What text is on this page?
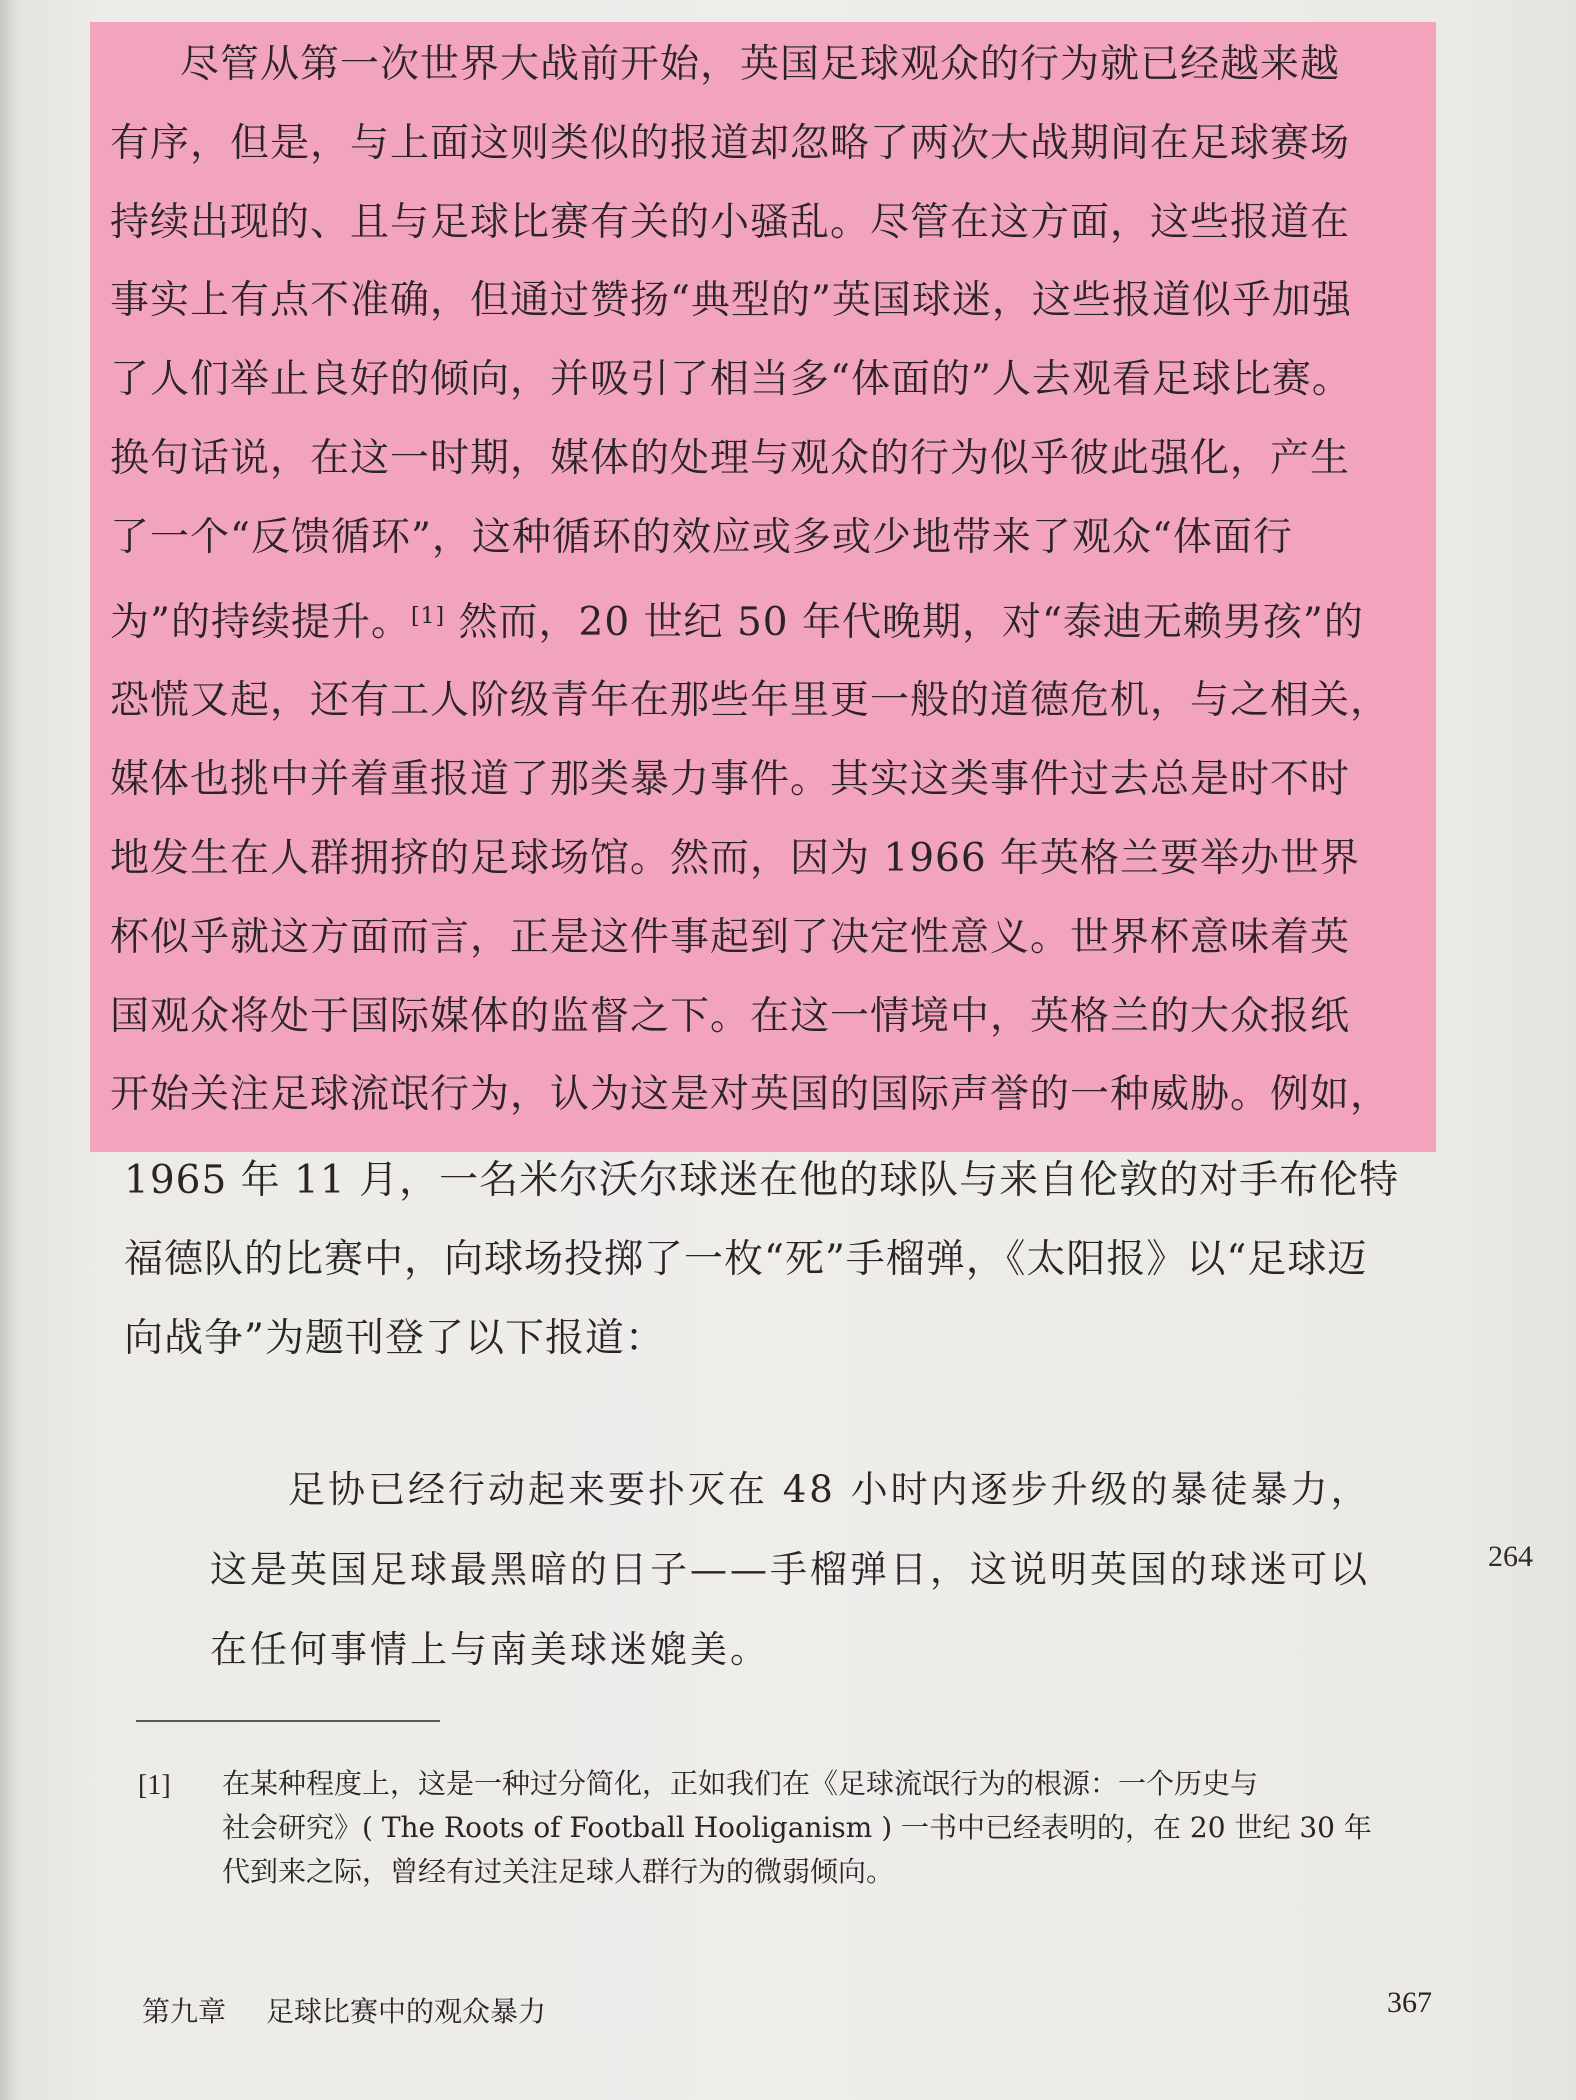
尽管从第一次世界大战前开始，英国足球观众的行为就已经越来越
有序，但是，与上面这则类似的报道却忽略了两次大战期间在足球赛场
持续出现的、且与足球比赛有关的小骚乱。尽管在这方面，这些报道在
事实上有点不准确，但通过赞扬“典型的”英国球迷，这些报道似乎加强
了人们举止良好的倾向，并吸引了相当多“体面的”人去观看足球比赛。
换句话说，在这一时期，媒体的处理与观众的行为似乎彼此强化，产生
了一个“反馈循环”，这种循环的效应或多或少地带来了观众“体面行
为”的持续提升。[1] 然而，20 世纪 50 年代晚期，对“泰迪无赖男孩”的
恐慌又起，还有工人阶级青年在那些年里更一般的道德危机，与之相关，
媒体也挑中并着重报道了那类暴力事件。其实这类事件过去总是时不时
地发生在人群拥挤的足球场馆。然而，因为 1966 年英格兰要举办世界
杯似乎就这方面而言，正是这件事起到了决定性意义。世界杯意味着英
国观众将处于国际媒体的监督之下。在这一情境中，英格兰的大众报纸
开始关注足球流氓行为，认为这是对英国的国际声誉的一种威胁。例如，
1965 年 11 月，一名米尔沃尔球迷在他的球队与来自伦敦的对手布伦特
福德队的比赛中，向球场投掷了一枚“死”手榴弹，《太阳报》以“足球迈
向战争”为题刊登了以下报道：
足协已经行动起来要扑灭在 48 小时内逐步升级的暴徒暴力，
这是英国足球最黑暗的日子——手榴弹日，这说明英国的球迷可以
在任何事情上与南美球迷媲美。
264
[1] 在某种程度上，这是一种过分简化，正如我们在《足球流氓行为的根源：一个历史与
社会研究》( The Roots of Football Hooliganism ) 一书中已经表明的，在 20 世纪 30 年
代到来之际，曾经有过关注足球人群行为的微弱倾向。
第九章 足球比赛中的观众暴力	367
